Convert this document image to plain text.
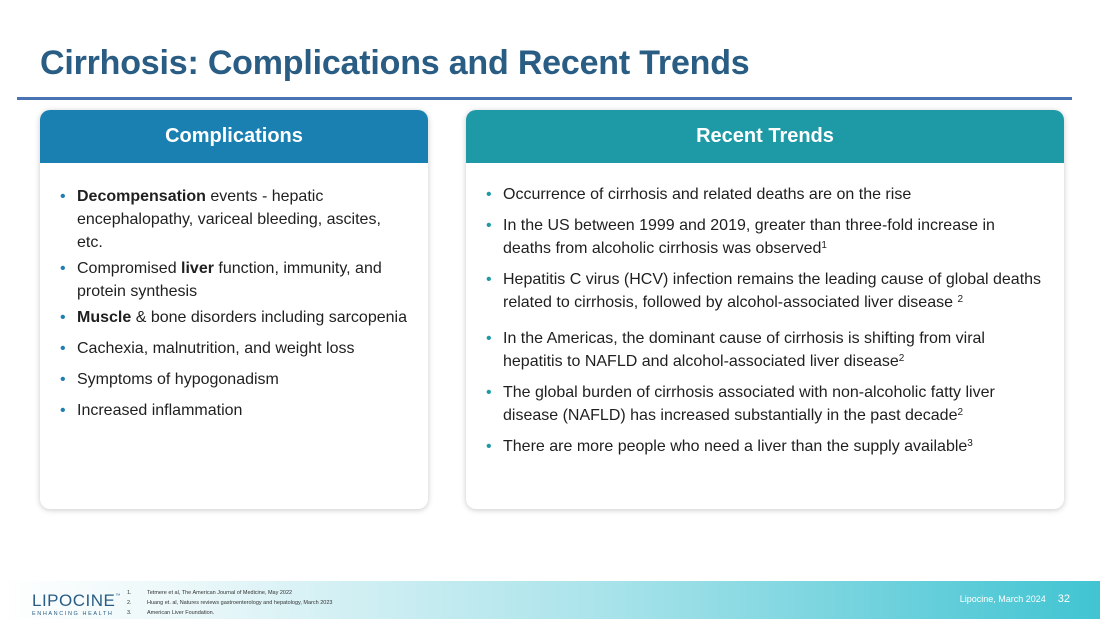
Cirrhosis: Complications and Recent Trends
Complications
• Decompensation events - hepatic encephalopathy, variceal bleeding, ascites, etc.
• Compromised liver function, immunity, and protein synthesis
• Muscle & bone disorders including sarcopenia
• Cachexia, malnutrition, and weight loss
• Symptoms of hypogonadism
• Increased inflammation
Recent Trends
• Occurrence of cirrhosis and related deaths are on the rise
• In the US between 1999 and 2019, greater than three-fold increase in deaths from alcoholic cirrhosis was observed$^1$
• Hepatitis C virus (HCV) infection remains the leading cause of global deaths related to cirrhosis, followed by alcohol-associated liver disease $^2$
• In the Americas, the dominant cause of cirrhosis is shifting from viral hepatitis to NAFLD and alcohol-associated liver disease$^2$
• The global burden of cirrhosis associated with non-alcoholic fatty liver disease (NAFLD) has increased substantially in the past decade$^2$
• There are more people who need a liver than the supply available$^3$
LIPOCINE™
ENHANCING HEALTH
1.	Tetmere et al, The American Journal of Medicine, May 2022
2.	Huang et. al, Natures reviews gastroenterology and hepatology, March 2023
3.	American Liver Foundation.
Lipocine, March 2024 32
